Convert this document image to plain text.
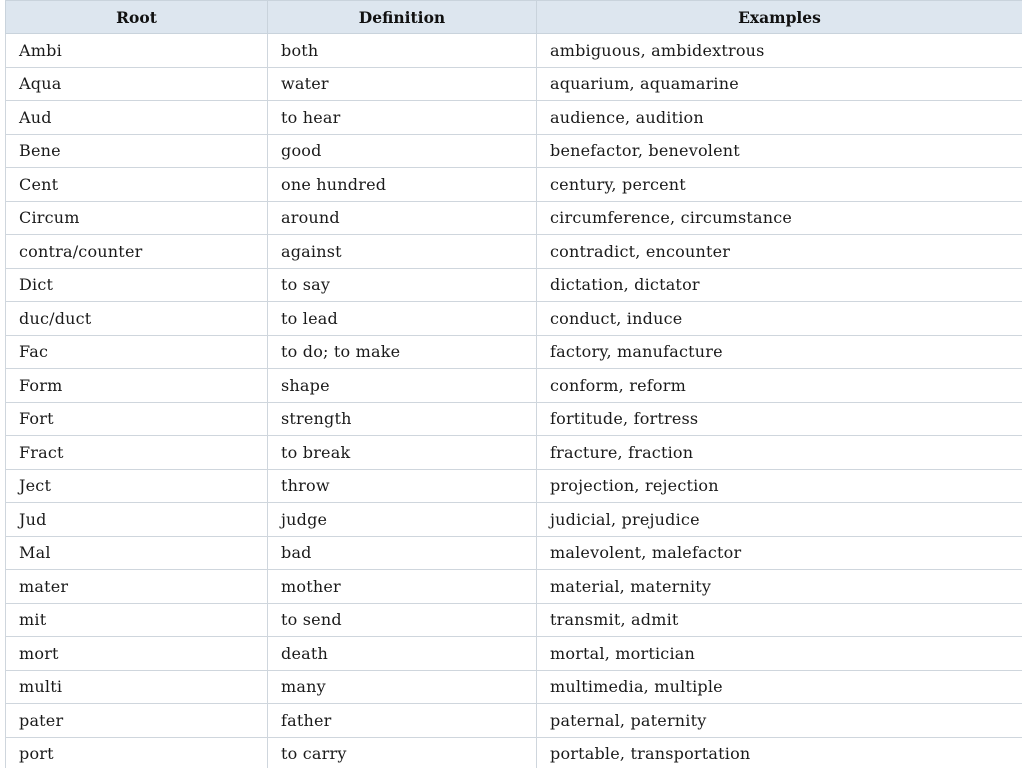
Root	Definition	Examples
Ambi	both	ambiguous, ambidextrous
Aqua	water	aquarium, aquamarine
Aud	to hear	audience, audition
Bene	good	benefactor, benevolent
Cent	one hundred	century, percent
Circum	around	circumference, circumstance
contra/counter	against	contradict, encounter
Dict	to say	dictation, dictator
duc/duct	to lead	conduct, induce
Fac	to do; to make	factory, manufacture
Form	shape	conform, reform
Fort	strength	fortitude, fortress
Fract	to break	fracture, fraction
Ject	throw	projection, rejection
Jud	judge	judicial, prejudice
Mal	bad	malevolent, malefactor
mater	mother	material, maternity
mit	to send	transmit, admit
mort	death	mortal, mortician
multi	many	multimedia, multiple
pater	father	paternal, paternity
port	to carry	portable, transportation
